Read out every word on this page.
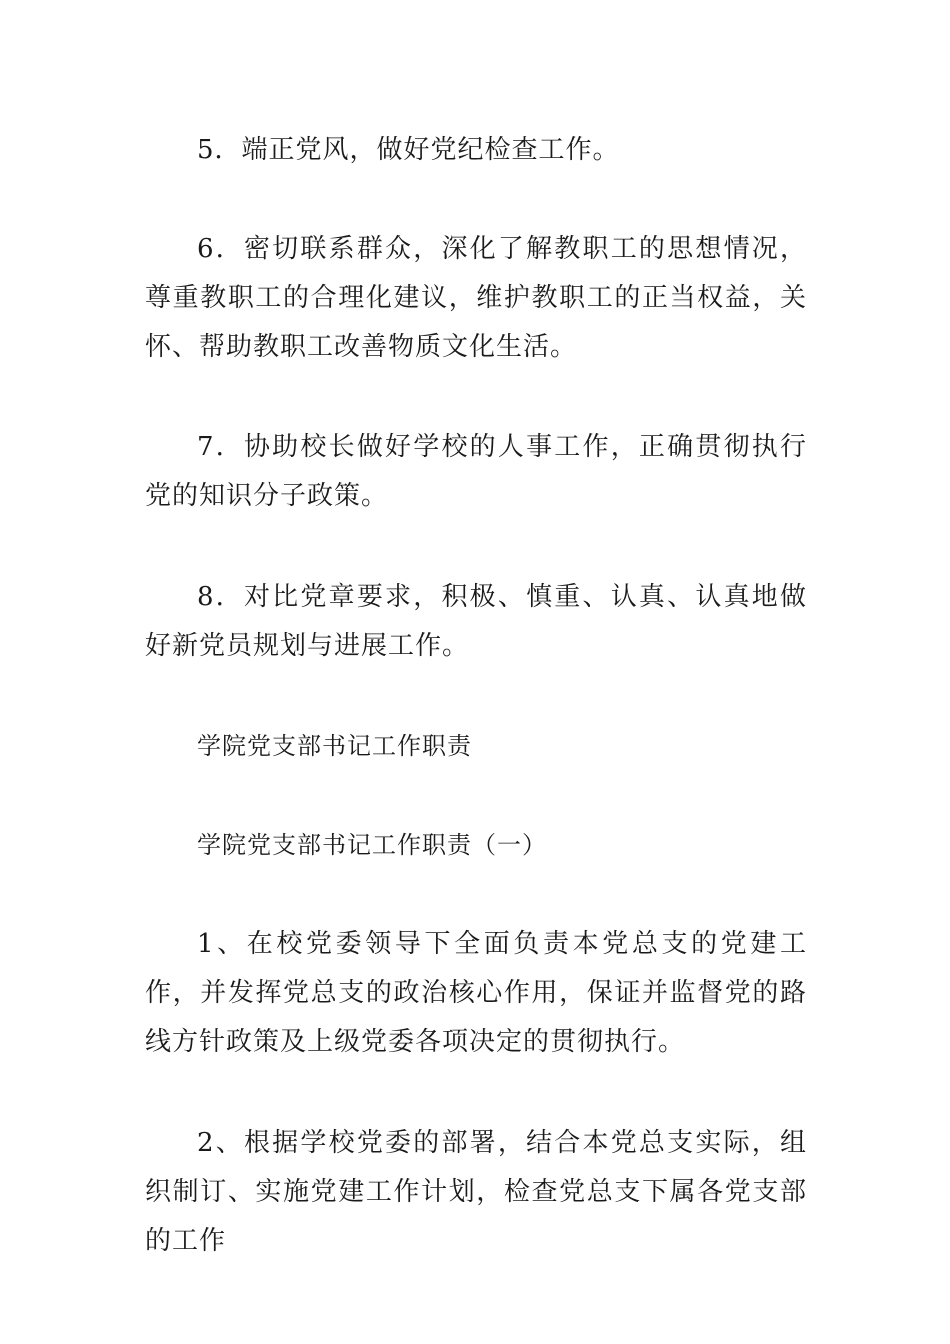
5．端正党风，做好党纪检查工作。

6．密切联系群众，深化了解教职工的思想情况，尊重教职工的合理化建议，维护教职工的正当权益，关怀、帮助教职工改善物质文化生活。

7．协助校长做好学校的人事工作，正确贯彻执行党的知识分子政策。

8．对比党章要求，积极、慎重、认真、认真地做好新党员规划与进展工作。

学院党支部书记工作职责

学院党支部书记工作职责（一）

1、在校党委领导下全面负责本党总支的党建工作，并发挥党总支的政治核心作用，保证并监督党的路线方针政策及上级党委各项决定的贯彻执行。

2、根据学校党委的部署，结合本党总支实际，组织制订、实施党建工作计划，检查党总支下属各党支部的工作
